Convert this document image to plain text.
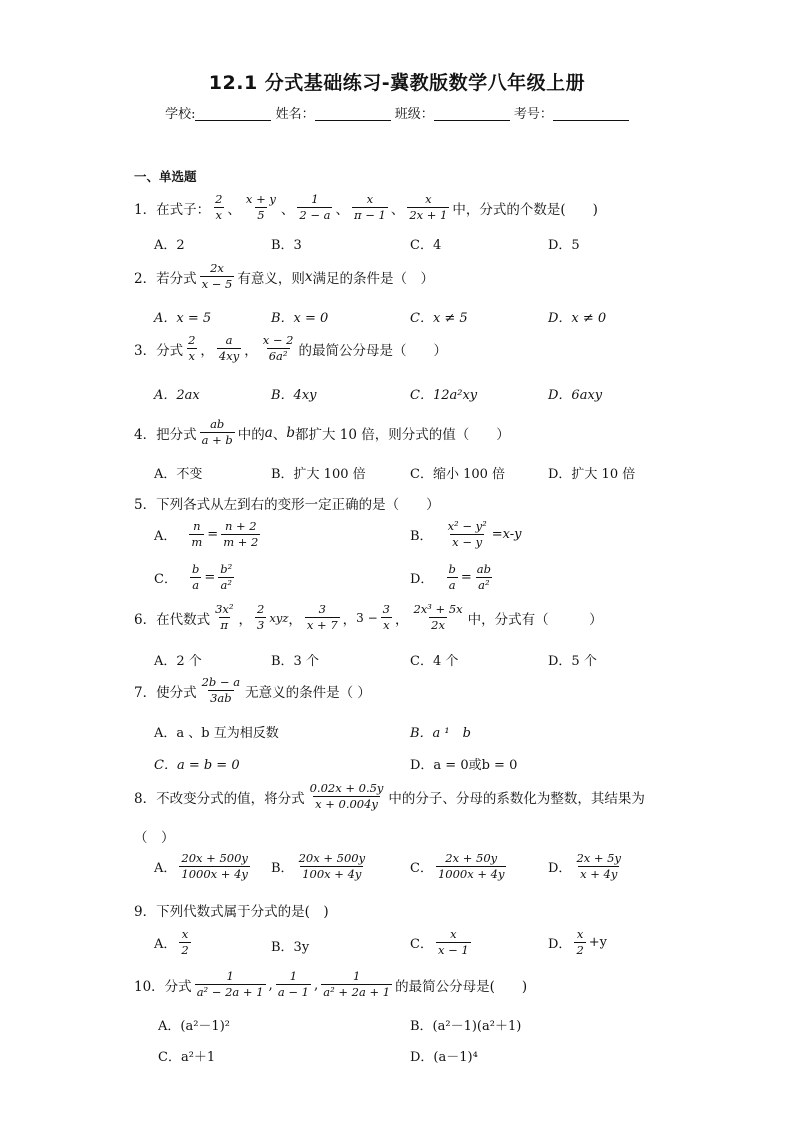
12.1 分式基础练习-冀教版数学八年级上册
学校:	姓名：	班级：	考号：
一、单选题
1．在式子： $\frac{2}{x}$ 、 $\frac{x + y}{5}$ 、 $\frac{1}{2 - a}$ 、 $\frac{x}{\pi - 1}$ 、 $\frac{x}{2x + 1}$ 中，分式的个数是(　　)
A．2	B．3	C．4	D．5
2．若分式 $\frac{2x}{x - 5}$ 有意义，则 x 满足的条件是（　）
A．x = 5	B．x = 0	C．x ≠ 5	D．x ≠ 0
3．分式 $\frac{2}{x}$ ， $\frac{a}{4xy}$ ， $\frac{x - 2}{\text{6a²}}$ 的最简公分母是（　　）
A．2ax	B．4xy	C．12a²xy	D．6axy
4．把分式 $\frac{ab}{a + b}$ 中的 a 、 b 都扩大 10 倍，则分式的值（　　）
A．不变	B．扩大 100 倍	C．缩小 100 倍	D．扩大 10 倍
5．下列各式从左到右的变形一定正确的是（　　）
A． $\frac{n}{m} = \frac{n + 2}{m + 2}$	B． $\frac{\text{x² − y²}}{x - y} =x-y$
C． $\frac{b}{a} = \frac{\text{b²}}{\text{a²}}$	D． $\frac{b}{a} = \frac{ab}{\text{a²}}$
6．在代数式 $\frac{\text{3x²}}{\pi}$ ， $\frac{2}{3}$ xyz ， $\frac{3}{x + 7}$ ， $3 - \frac{3}{x}$ ， $\frac{\text{2x³ + 5x}}{2x}$ 中，分式有（　　　）
A．2 个	B．3 个	C．4 个	D．5 个
7．使分式 $\frac{2b - a}{3ab}$ 无意义的条件是（ ）
A．a 、b 互为相反数	B．a ¹　b
C．a = b = 0	D．a = 0或b = 0
8．不改变分式的值，将分式 $\frac{0.02x + 0.5y}{x + 0.004y}$ 中的分子、分母的系数化为整数，其结果为
（　）
A． $\frac{20x + 500y}{1000x + 4y}$ B． $\frac{20x + 500y}{100x + 4y}$	C． $\frac{2x + 50y}{1000x + 4y}$	D． $\frac{2x + 5y}{x + 4y}$
9．下列代数式属于分式的是(　)
A． $\frac{x}{2}$	B．3y	C． $\frac{x}{x - 1}$	D． $\frac{x}{2} +y$
10．分式 $\frac{1}{\text{a² − 2a + 1}}$ , $\frac{1}{a - 1}$ , $\frac{1}{\text{a² + 2a + 1}}$ 的最简公分母是(　　)
A．(a²－1)²	B．(a²－1)(a²＋1)
C．a²＋1	D．(a－1)⁴
